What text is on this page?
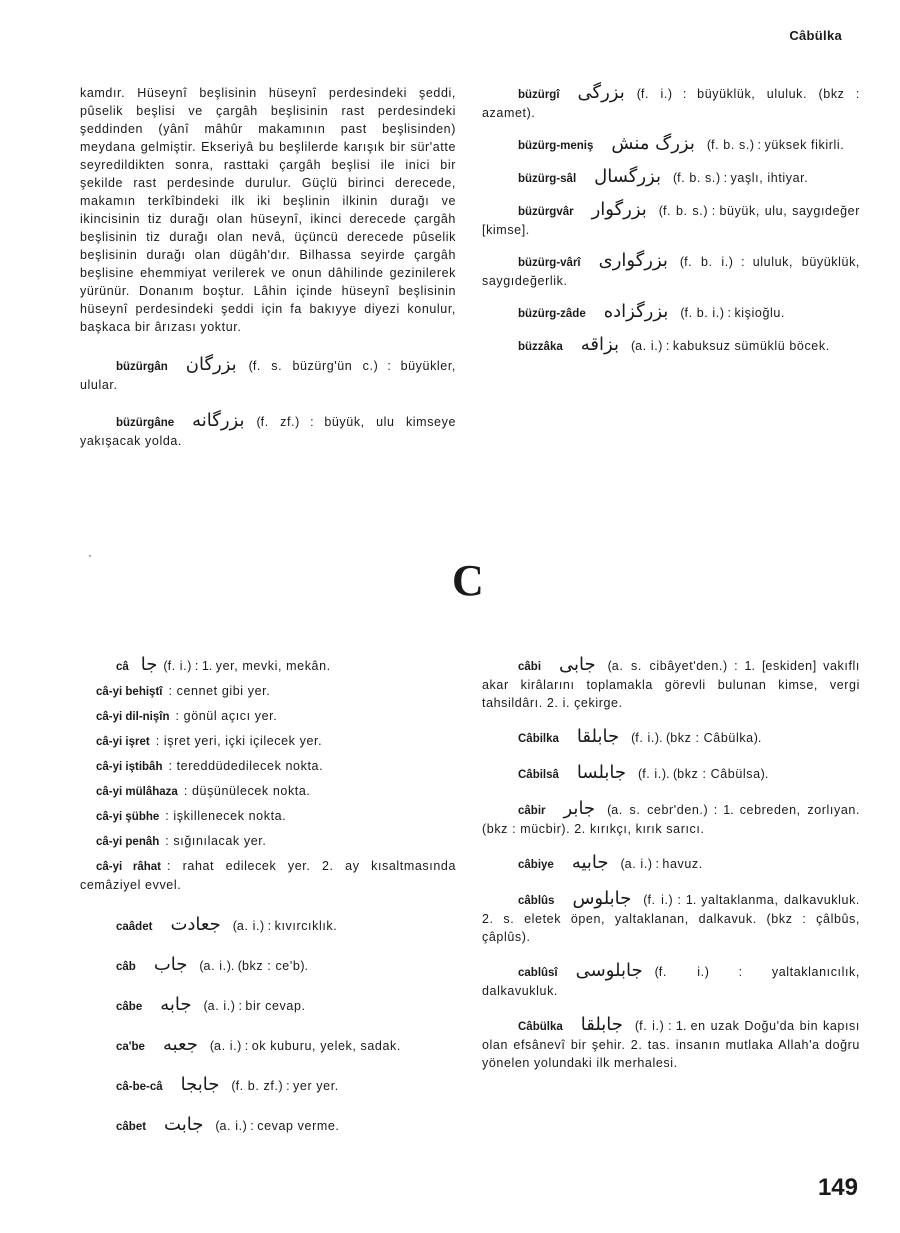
Câbülka

kamdır. Hüseynî beşlisinin hüseynî perdesindeki şeddi, pûselik beşlisi ve çargâh beşlisinin rast perdesindeki şeddinden (yânî mâhûr makamının past beşlisinden) meydana gelmiştir. Ekseriyâ bu beşlilerde karışık bir sür'atte seyredildikten sonra, rasttaki çargâh beşlisi ile inici bir şekilde rast perdesinde durulur. Güçlü birinci derecede, makamın terkîbindeki ilk iki beşlinin ilkinin durağı ve ikincisinin tiz durağı olan hüseynî, ikinci derecede çargâh beşlisinin tiz durağı olan nevâ, üçüncü derecede pûselik beşlisinin durağı olan dügâh'dır. Bilhassa seyirde çargâh beşlisine ehemmiyat verilerek ve onun dâhilinde gezinilerek yürünür. Donanım boştur. Lâhin içinde hüseynî beşlisinin hüseynî perdesindeki şeddi için fa bakıyye diyezi konulur, başkaca bir ârızası yoktur.

büzürgân بزرگان (f. s. büzürg'ün c.) : büyükler, ulular.
büzürgâne بزرگانه (f. zf.) : büyük, ulu kimseye yakışacak yolda.
büzürgî بزرگی (f. i.) : büyüklük, ululuk. (bkz : azamet).
büzürg-meniş بزرگ منش (f. b. s.) : yüksek fikirli.
büzürg-sâl بزرگسال (f. b. s.) : yaşlı, ihtiyar.
büzürgvâr بزرگوار (f. b. s.) : büyük, ulu, saygıdeğer [kimse].
büzürg-vârî بزرگواری (f. b. i.) : ululuk, büyüklük, saygıdeğerlik.
büzürg-zâde بزرگزاده (f. b. i.) : kişioğlu.
büzzâka بزاقه (a. i.) : kabuksuz sümüklü böcek.
·
C
câ جا (f. i.) : 1. yer, mevki, mekân.
câ-yi behiştî : cennet gibi yer.
câ-yi dil-nişîn : gönül açıcı yer.
câ-yi işret : işret yeri, içki içilecek yer.
câ-yi iştibâh : tereddüdedilecek nokta.
câ-yi mülâhaza : düşünülecek nokta.
câ-yi şübhe : işkillenecek nokta.
câ-yi penâh : sığınılacak yer.
câ-yi râhat : rahat edilecek yer. 2. ay kısaltmasında cemâziyel evvel.
caâdet جعادت (a. i.) : kıvırcıklık.
câb جاب (a. i.). (bkz : ce'b).
câbe جابه (a. i.) : bir cevap.
ca'be جعبه (a. i.) : ok kuburu, yelek, sadak.
câ-be-câ جابجا (f. b. zf.) : yer yer.
câbet جابت (a. i.) : cevap verme.
câbi جابی (a. s. cibâyet'den.) : 1. [eskiden] vakıflı akar kirâlarını toplamakla görevli bulunan kimse, vergi tahsildârı. 2. i. çekirge.
Câbilka جابلقا (f. i.). (bkz : Câbülka).
Câbilsâ جابلسا (f. i.). (bkz : Câbülsa).
câbir جابر (a. s. cebr'den.) : 1. cebreden, zorlıyan. (bkz : mücbir). 2. kırıkçı, kırık sarıcı.
câbiye جابیه (a. i.) : havuz.
câblûs جابلوس (f. i.) : 1. yaltaklanma, dalkavukluk. 2. s. eletek öpen, yaltaklanan, dalkavuk. (bkz : çâlbûs, çâplûs).
cablûsî جابلوسی (f. i.) : yaltaklanıcılık, dalkavukluk.
Câbülka جابلقا (f. i.) : 1. en uzak Doğu'da bin kapısı olan efsânevî bir şehir. 2. tas. insanın mutlaka Allah'a doğru yönelen yolundaki ilk merhalesi.
149
